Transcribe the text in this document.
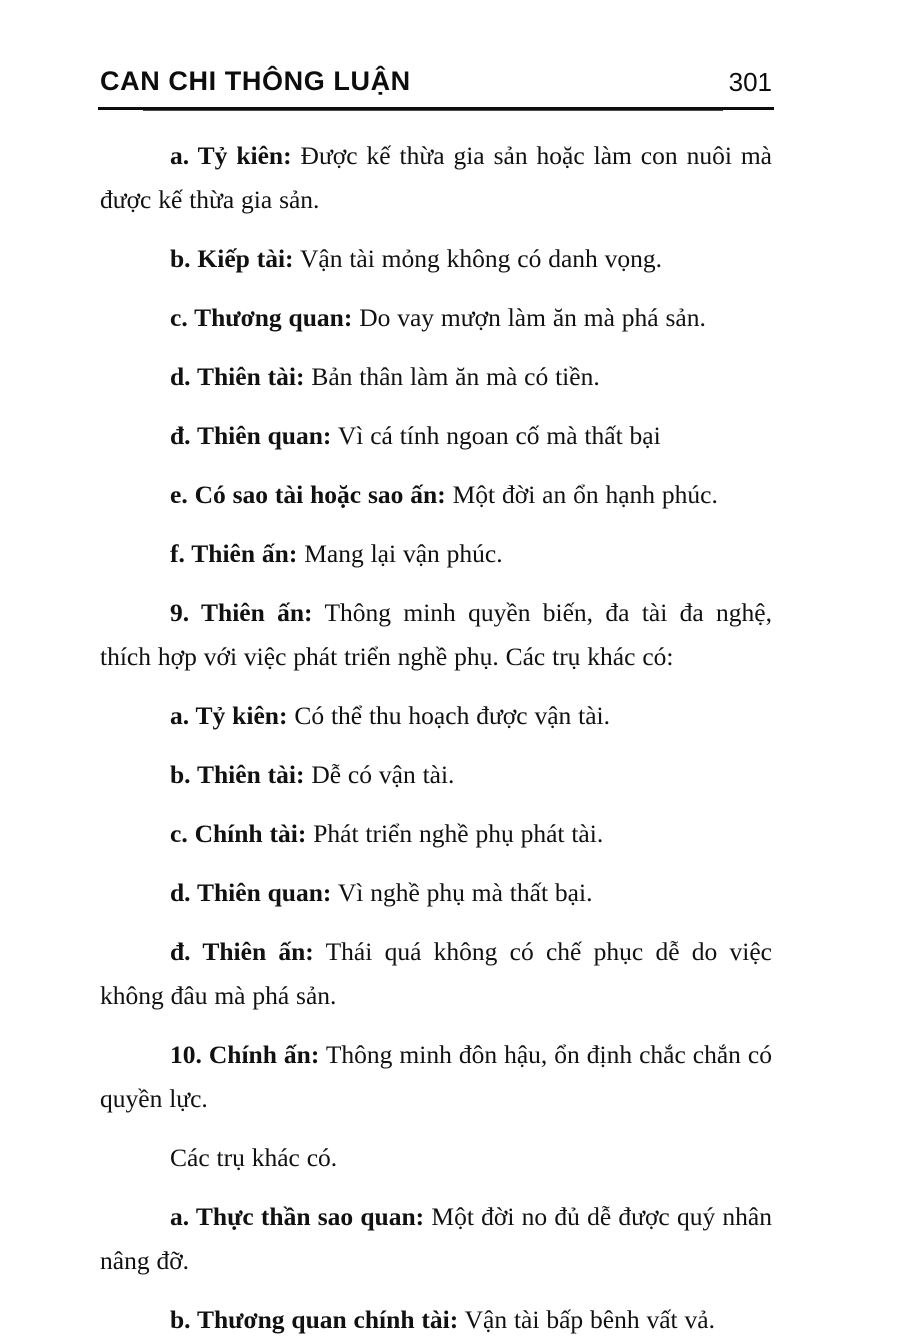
CAN CHI THÔNG LUẬN	301

a. Tỷ kiên: Được kế thừa gia sản hoặc làm con nuôi mà được kế thừa gia sản.

b. Kiếp tài: Vận tài mỏng không có danh vọng.

c. Thương quan: Do vay mượn làm ăn mà phá sản.

d. Thiên tài: Bản thân làm ăn mà có tiền.

đ. Thiên quan: Vì cá tính ngoan cố mà thất bại

e. Có sao tài hoặc sao ấn: Một đời an ổn hạnh phúc.

f. Thiên ấn: Mang lại vận phúc.

9. Thiên ấn: Thông minh quyền biến, đa tài đa nghệ, thích hợp với việc phát triển nghề phụ. Các trụ khác có:

a. Tỷ kiên: Có thể thu hoạch được vận tài.

b. Thiên tài: Dễ có vận tài.

c. Chính tài: Phát triển nghề phụ phát tài.

d. Thiên quan: Vì nghề phụ mà thất bại.

đ. Thiên ấn: Thái quá không có chế phục dễ do việc không đâu mà phá sản.

10. Chính ấn: Thông minh đôn hậu, ổn định chắc chắn có quyền lực.

Các trụ khác có.

a. Thực thần sao quan: Một đời no đủ dễ được quý nhân nâng đỡ.

b. Thương quan chính tài: Vận tài bấp bênh vất vả.
